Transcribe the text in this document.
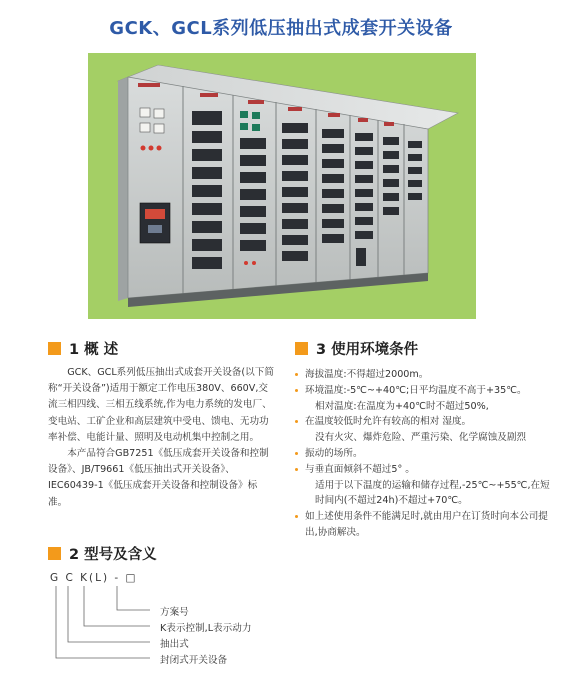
GCK、GCL系列低压抽出式成套开关设备
1 概 述

GCK、GCL系列低压抽出式成套开关设备(以下简称“开关设备”)适用于额定工作电压380V、660V,交流三相四线、三相五线系统,作为电力系统的发电厂、变电站、工矿企业和高层建筑中受电、馈电、无功功率补偿、电能计量、照明及电动机集中控制之用。

本产品符合GB7251《低压成套开关设备和控制设备》、JB/T9661《低压抽出式开关设备》、IEC60439-1《低压成套开关设备和控制设备》标准。

2 型号及含义
G C K(L) - □
方案号
K表示控制,L表示动力
抽出式
封闭式开关设备
3 使用环境条件
海拔温度:不得超过2000m。
环境温度:-5℃~+40℃;日平均温度不高于+35℃。
相对温度:在温度为+40℃时不超过50%,
在温度较低时允许有较高的相对 湿度。
没有火灾、爆炸危险、严重污染、化学腐蚀及剧烈
振动的场所。
与垂直面倾斜不超过5° 。
适用于以下温度的运输和储存过程,-25℃~+55℃,在短时间内(不超过24h)不超过+70℃。
如上述使用条件不能满足时,就由用户在订货时向本公司提出,协商解决。
